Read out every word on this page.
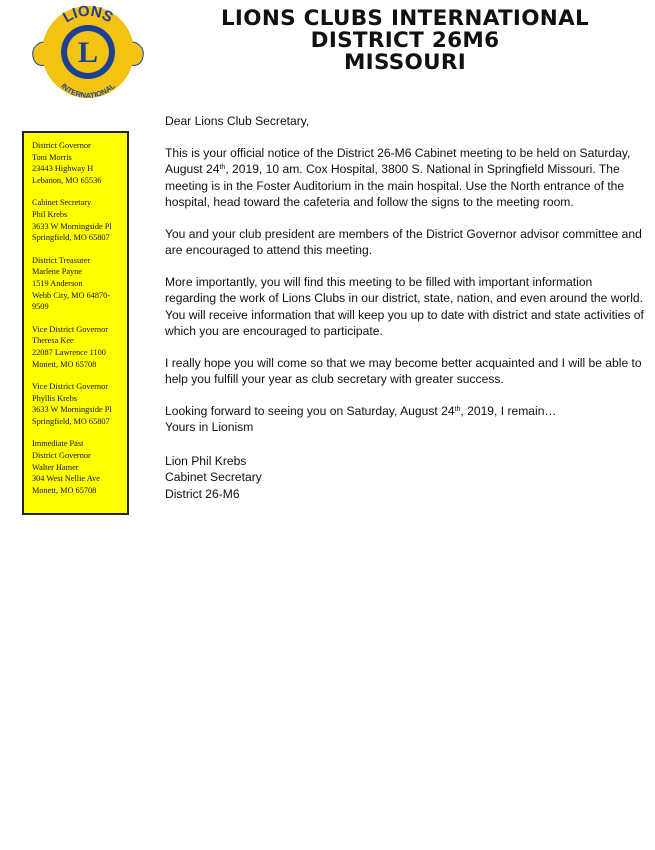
L
LIONS
INTERNATIONAL
LIONS CLUBS INTERNATIONAL
DISTRICT 26M6
MISSOURI
District Governor
Toni Morris
23443 Highway H
Lebanon, MO 65536
Cabinet Secretary
Phil Krebs
3633 W Morningside Pl
Springfield, MO 65807
District Treasurer
Marlene Payne
1519 Anderson
Webb City, MO 64870-9509
Vice District Governor
Theresa Kee
22087 Lawrence 1100
Monett, MO 65708
Vice District Governor
Phyllis Krebs
3633 W Morningside Pl
Springfield, MO 65807
Immediate Past
District Governor
Walter Hamer
304 West Nellie Ave
Monett, MO 65708

Dear Lions Club Secretary,

This is your official notice of the District 26-M6 Cabinet meeting to be held on Saturday, August 24th, 2019, 10 am. Cox Hospital, 3800 S. National in Springfield Missouri. The meeting is in the Foster Auditorium in the main hospital. Use the North entrance of the hospital, head toward the cafeteria and follow the signs to the meeting room.

You and your club president are members of the District Governor advisor committee and are encouraged to attend this meeting.

More importantly, you will find this meeting to be filled with important information regarding the work of Lions Clubs in our district, state, nation, and even around the world. You will receive information that will keep you up to date with district and state activities of which you are encouraged to participate.

I really hope you will come so that we may become better acquainted and I will be able to help you fulfill your year as club secretary with greater success.

Looking forward to seeing you on Saturday, August 24th, 2019, I remain…

Yours in Lionism

Lion Phil Krebs

Cabinet Secretary

District 26-M6
